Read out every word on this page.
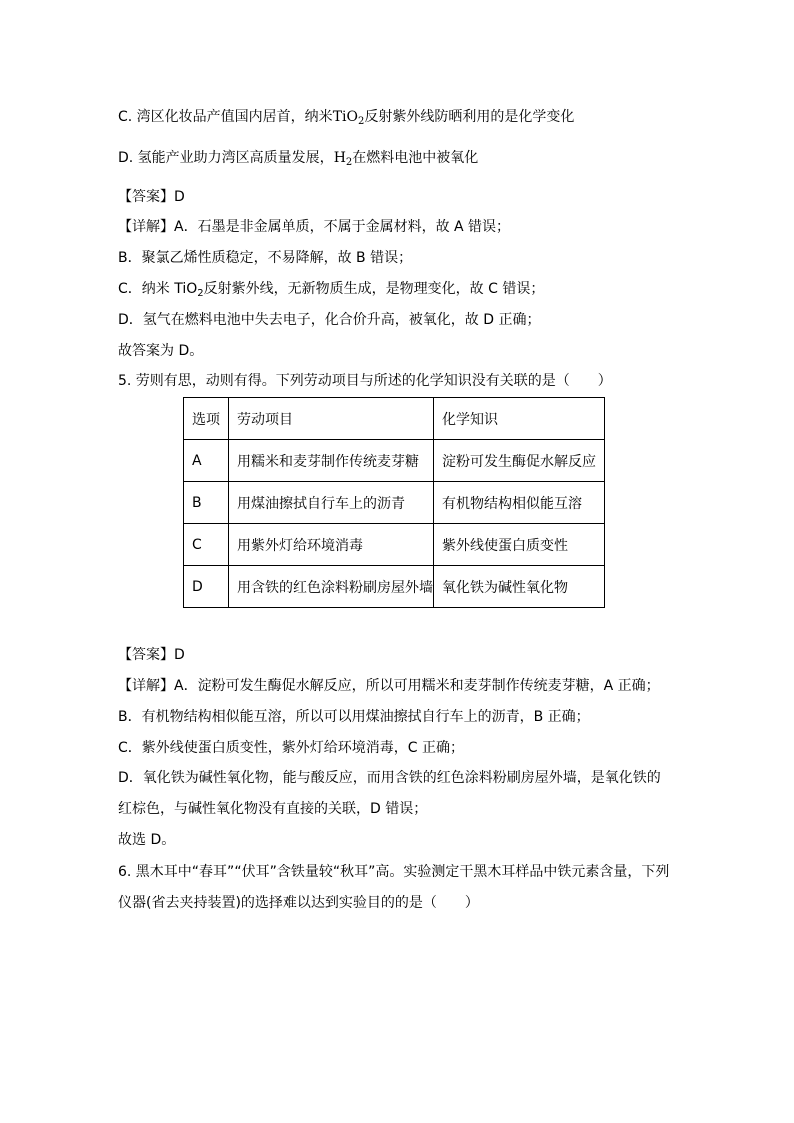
C. 湾区化妆品产值国内居首，纳米TiO$_2$反射紫外线防晒利用的是化学变化
D. 氢能产业助力湾区高质量发展，$H_2$在燃料电池中被氧化
【答案】D
【详解】A．石墨是非金属单质，不属于金属材料，故 A 错误；
B．聚氯乙烯性质稳定，不易降解，故 B 错误；
C．纳米 TiO$_2$反射紫外线，无新物质生成，是物理变化，故 C 错误；
D．氢气在燃料电池中失去电子，化合价升高，被氧化，故 D 正确；
故答案为 D。
5. 劳则有思，动则有得。下列劳动项目与所述的化学知识没有关联的是（　　）
选项	劳动项目	化学知识
A	用糯米和麦芽制作传统麦芽糖	淀粉可发生酶促水解反应
B	用煤油擦拭自行车上的沥青	有机物结构相似能互溶
C	用紫外灯给环境消毒	紫外线使蛋白质变性
D	用含铁的红色涂料粉刷房屋外墙	氧化铁为碱性氧化物
【答案】D
【详解】A．淀粉可发生酶促水解反应，所以可用糯米和麦芽制作传统麦芽糖，A 正确；
B．有机物结构相似能互溶，所以可以用煤油擦拭自行车上的沥青，B 正确；
C．紫外线使蛋白质变性，紫外灯给环境消毒，C 正确；
D．氧化铁为碱性氧化物，能与酸反应，而用含铁的红色涂料粉刷房屋外墙，是氧化铁的
红棕色，与碱性氧化物没有直接的关联，D 错误；
故选 D。
6. 黑木耳中“春耳”“伏耳”含铁量较“秋耳”高。实验测定干黑木耳样品中铁元素含量，下列
仪器(省去夹持装置)的选择难以达到实验目的的是（　　）
